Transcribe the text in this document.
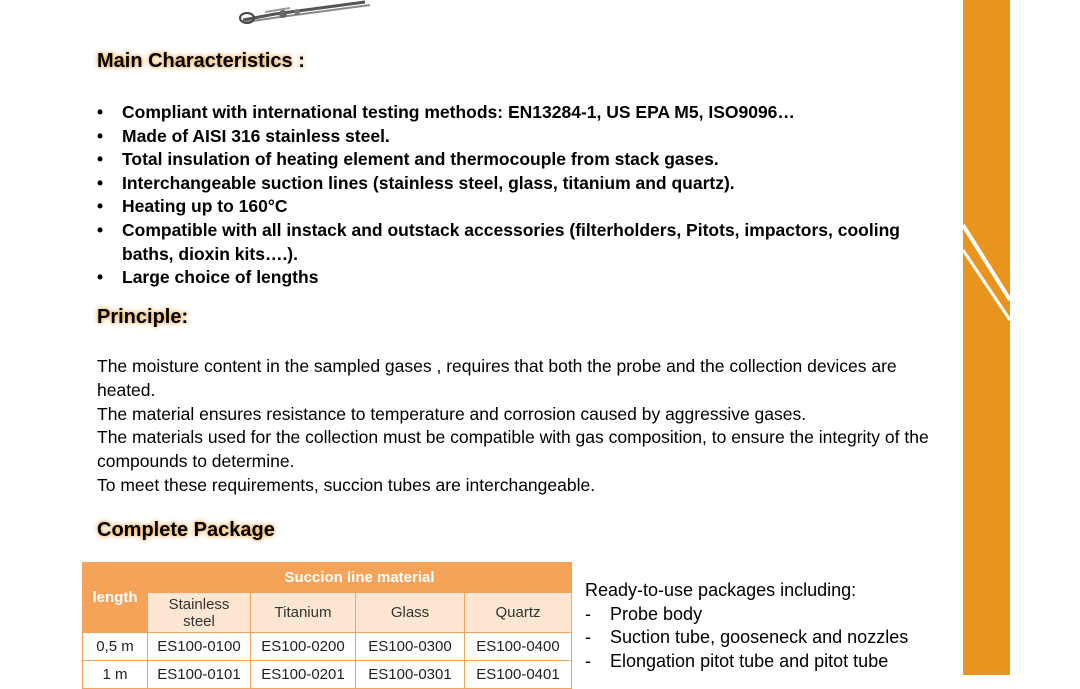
Main Characteristics :
• Compliant with international testing methods: EN13284-1, US EPA M5, ISO9096…
• Made of AISI 316 stainless steel.
• Total insulation of heating element and thermocouple from stack gases.
• Interchangeable suction lines (stainless steel, glass, titanium and quartz).
• Heating up to 160°C
• Compatible with all instack and outstack accessories (filterholders, Pitots, impactors, cooling baths, dioxin kits….).
• Large choice of lengths
Principle:

The moisture content in the sampled gases , requires that both the probe and the collection devices are heated.

The material ensures resistance to temperature and corrosion caused by aggressive gases.

The materials used for the collection must be compatible with gas composition, to ensure the integrity of the compounds to determine.

To meet these requirements, succion tubes are interchangeable.

Complete Package
length	Succion line material			
	Stainless steel	Titanium	Glass	Quartz
0,5 m	ES100-0100	ES100-0200	ES100-0300	ES100-0400
1 m	ES100-0101	ES100-0201	ES100-0301	ES100-0401
Ready-to-use packages including:
- Probe body
- Suction tube, gooseneck and nozzles
- Elongation pitot tube and pitot tube
